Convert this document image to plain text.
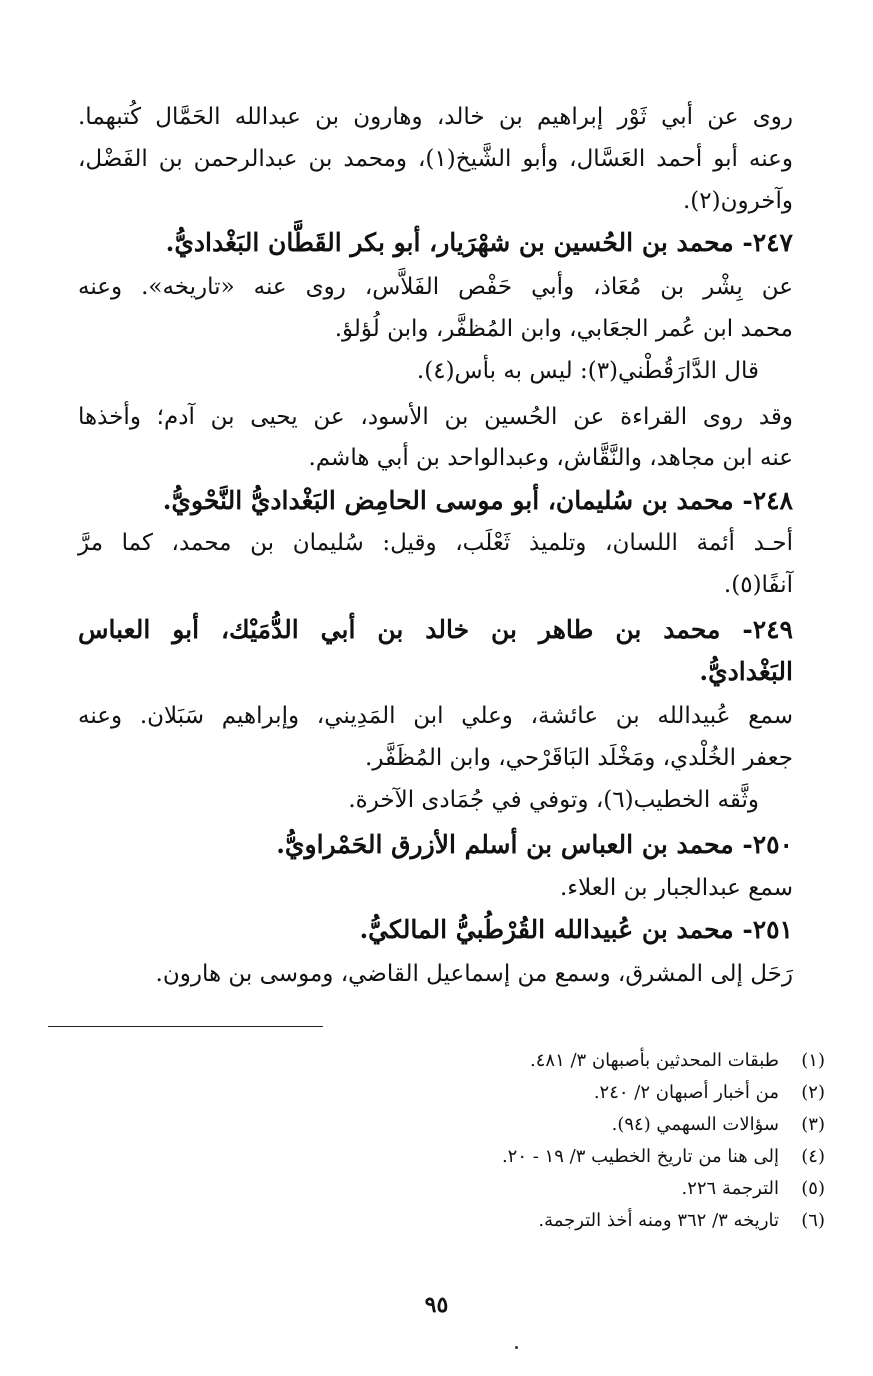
روى عن أبي ثَوْر إبراهيم بن خالد، وهارون بن عبدالله الحَمَّال كُتبهما.
وعنه أبو أحمد العَسَّال، وأبو الشَّيخ(١)، ومحمد بن عبدالرحمن بن الفَضْل،
وآخرون(٢).
٢٤٧- محمد بن الحُسين بن شهْرَيار، أبو بكر القَطَّان البَغْداديُّ.
عن بِشْر بن مُعَاذ، وأبي حَفْص الفَلاَّس، روى عنه «تاريخه». وعنه
محمد ابن عُمر الجعَابي، وابن المُظفَّر، وابن لُؤلؤ.
قال الدَّارَقُطْني(٣): ليس به بأس(٤).
وقد روى القراءة عن الحُسين بن الأسود، عن يحيى بن آدم؛ وأخذها
عنه ابن مجاهد، والنَّقَّاش، وعبدالواحد بن أبي هاشم.
٢٤٨- محمد بن سُليمان، أبو موسى الحامِض البَغْداديُّ النَّحْويُّ.
أحـد أئمة اللسان، وتلميذ ثَعْلَب، وقيل: سُليمان بن محمد، كما مرَّ
آنفًا(٥).
٢٤٩- محمد بن طاهر بن خالد بن أبي الدُّمَيْك، أبو العباس
البَغْداديُّ.
سمع عُبيدالله بن عائشة، وعلي ابن المَدِيني، وإبراهيم سَبَلان. وعنه
جعفر الخُلْدي، ومَخْلَد البَاقَرْحي، وابن المُظَفَّر.
وثَّقه الخطيب(٦)، وتوفي في جُمَادى الآخرة.
٢٥٠- محمد بن العباس بن أسلم الأزرق الحَمْراويُّ.
سمع عبدالجبار بن العلاء.
٢٥١- محمد بن عُبيدالله القُرْطُبيُّ المالكيُّ.
رَحَل إلى المشرق، وسمع من إسماعيل القاضي، وموسى بن هارون.
(١)طبقات المحدثين بأصبهان ٣/ ٤٨١.
(٢)من أخبار أصبهان ٢/ ٢٤٠.
(٣)سؤالات السهمي (٩٤).
(٤)إلى هنا من تاريخ الخطيب ٣/ ١٩ - ٢٠.
(٥)الترجمة ٢٢٦.
(٦)تاريخه ٣/ ٣٦٢ ومنه أخذ الترجمة.
٩٥
